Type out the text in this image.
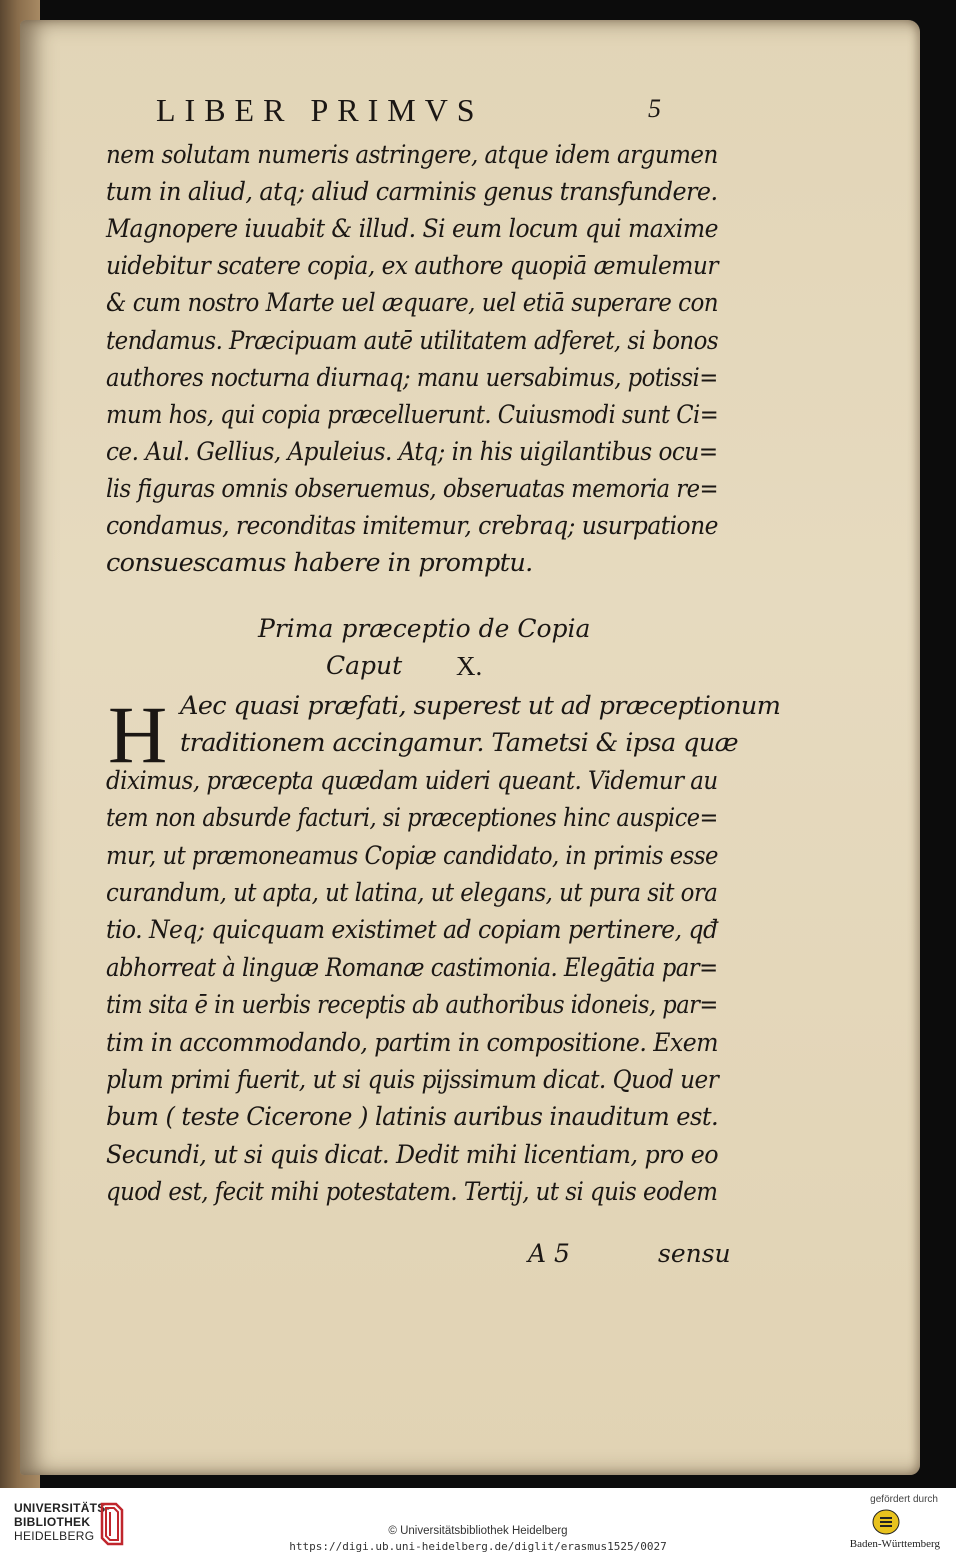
LIBER PRIMVS	5
nem solutam numeris astringere, atque idem argumen
tum in aliud, atq; aliud carminis genus transfundere.
Magnopere iuuabit & illud. Si eum locum qui maxime
uidebitur scatere copia, ex authore quopiā æmulemur
& cum nostro Marte uel æquare, uel etiā superare con
tendamus. Præcipuam autē utilitatem adferet, si bonos
authores nocturna diurnaq; manu uersabimus, potissi=
mum hos, qui copia præcelluerunt. Cuiusmodi sunt Ci=
ce. Aul. Gellius, Apuleius. Atq; in his uigilantibus ocu=
lis figuras omnis obseruemus, obseruatas memoria re=
condamus, reconditas imitemur, crebraq; usurpatione
consuescamus habere in promptu.
Prima præceptio de Copia
Caput X.
H Aec quasi præfati, superest ut ad præceptionum
traditionem accingamur. Tametsi & ipsa quæ
diximus, præcepta quædam uideri queant. Videmur au
tem non absurde facturi, si præceptiones hinc auspice=
mur, ut præmoneamus Copiæ candidato, in primis esse
curandum, ut apta, ut latina, ut elegans, ut pura sit ora
tio. Neq; quicquam existimet ad copiam pertinere, qđ
abhorreat à linguæ Romanæ castimonia. Elegātia par=
tim sita ē in uerbis receptis ab authoribus idoneis, par=
tim in accommodando, partim in compositione. Exem
plum primi fuerit, ut si quis pijssimum dicat. Quod uer
bum ( teste Cicerone ) latinis auribus inauditum est.
Secundi, ut si quis dicat. Dedit mihi licentiam, pro eo
quod est, fecit mihi potestatem. Tertij, ut si quis eodem
A 5	sensu
UNIVERSITÄTS-
BIBLIOTHEK
HEIDELBERG	© Universitätsbibliothek Heidelberg
https://digi.ub.uni-heidelberg.de/diglit/erasmus1525/0027
gefördert durch
Baden-Württemberg
